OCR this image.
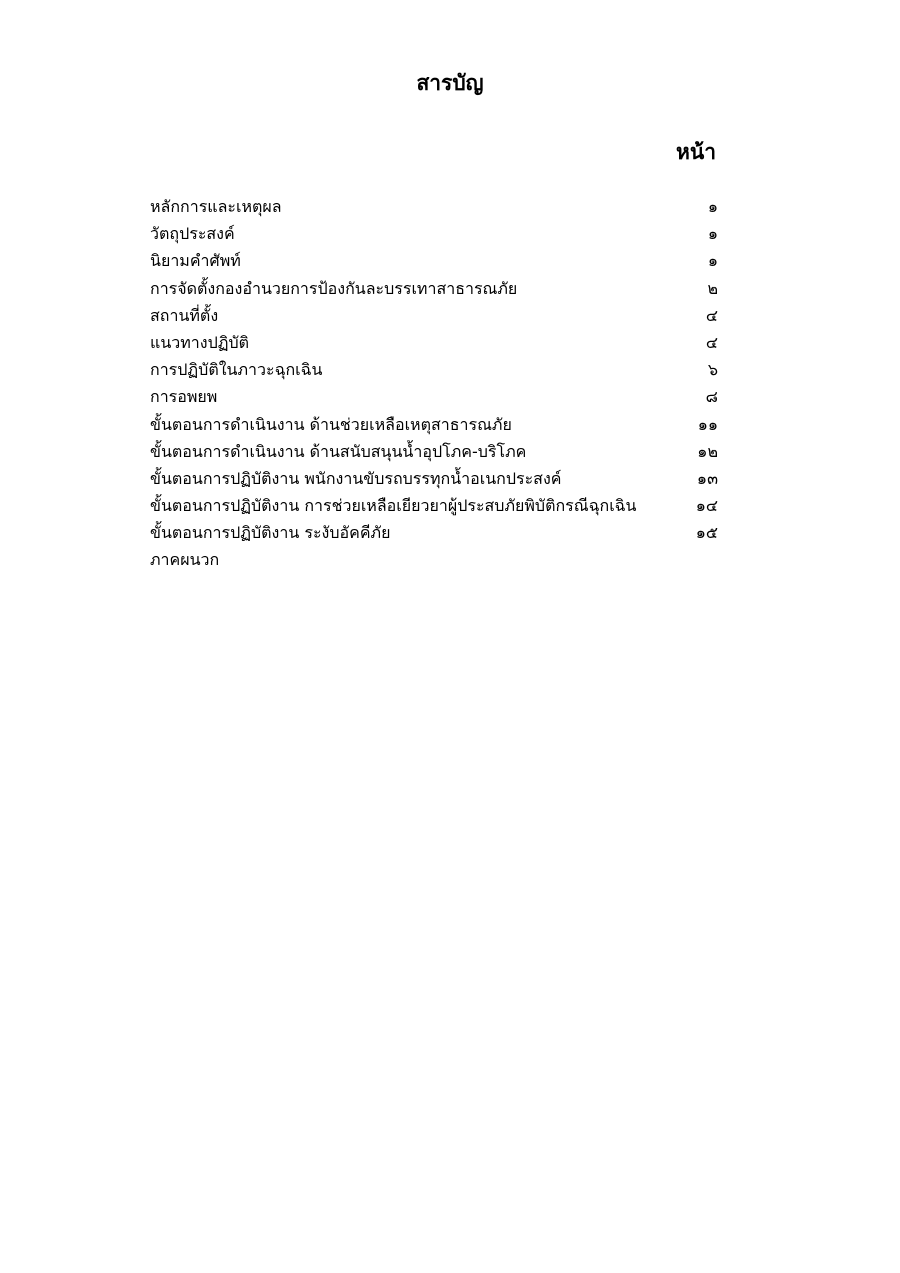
สารบัญ
หน้า
หลักการและเหตุผล	๑
วัตถุประสงค์	๑
นิยามคำศัพท์	๑
การจัดตั้งกองอำนวยการป้องกันละบรรเทาสาธารณภัย	๒
สถานที่ตั้ง	๔
แนวทางปฏิบัติ	๔
การปฏิบัติในภาวะฉุกเฉิน	๖
การอพยพ	๘
ขั้นตอนการดำเนินงาน ด้านช่วยเหลือเหตุสาธารณภัย	๑๑
ขั้นตอนการดำเนินงาน ด้านสนับสนุนน้ำอุปโภค-บริโภค	๑๒
ขั้นตอนการปฏิบัติงาน พนักงานขับรถบรรทุกน้ำอเนกประสงค์	๑๓
ขั้นตอนการปฏิบัติงาน การช่วยเหลือเยียวยาผู้ประสบภัยพิบัติกรณีฉุกเฉิน	๑๔
ขั้นตอนการปฏิบัติงาน ระงับอัคคีภัย	๑๕
ภาคผนวก
